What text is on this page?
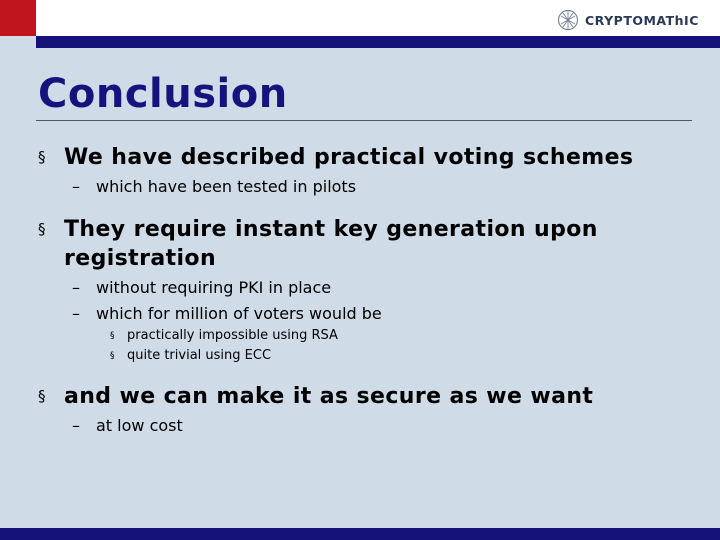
CRYPTOMAThIC
Conclusion
§ We have described practical voting schemes
– which have been tested in pilots
§ They require instant key generation upon registration
– without requiring PKI in place
– which for million of voters would be
§ practically impossible using RSA
§ quite trivial using ECC
§ and we can make it as secure as we want
– at low cost
